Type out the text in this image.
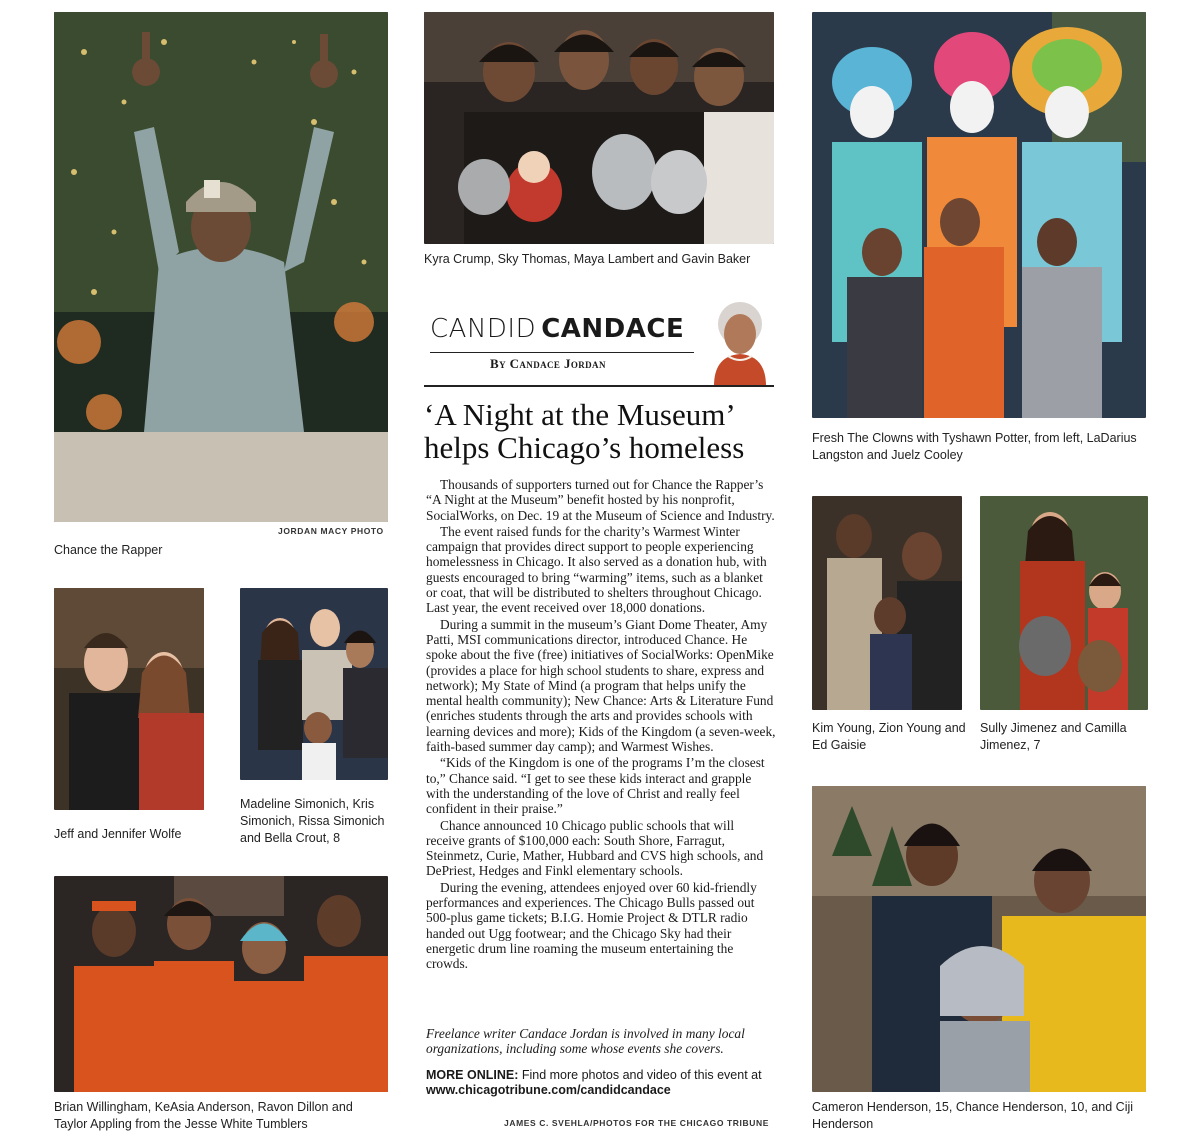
JORDAN MACY PHOTO
Chance the Rapper
Kyra Crump, Sky Thomas, Maya Lambert and Gavin Baker
CANDID CANDACE
By Candace Jordan
‘A Night at the Museum’
helps Chicago’s homeless

Thousands of supporters turned out for Chance the Rapper’s “A Night at the Museum” benefit hosted by his nonprofit, SocialWorks, on Dec. 19 at the Museum of Science and Industry.

The event raised funds for the charity’s Warmest Winter campaign that provides direct support to people experiencing homelessness in Chicago. It also served as a donation hub, with guests encouraged to bring “warming” items, such as a blanket or coat, that will be distributed to shelters throughout Chicago. Last year, the event received over 18,000 donations.

During a summit in the museum’s Giant Dome Theater, Amy Patti, MSI communications director, introduced Chance. He spoke about the five (free) initiatives of SocialWorks: OpenMike (provides a place for high school students to share, express and network); My State of Mind (a program that helps unify the mental health community); New Chance: Arts & Literature Fund (enriches students through the arts and provides schools with learning devices and more); Kids of the Kingdom (a seven-week, faith-based summer day camp); and Warmest Wishes.

“Kids of the Kingdom is one of the programs I’m the closest to,” Chance said. “I get to see these kids interact and grapple with the understanding of the love of Christ and really feel confident in their praise.”

Chance announced 10 Chicago public schools that will receive grants of $100,000 each: South Shore, Farragut, Steinmetz, Curie, Mather, Hubbard and CVS high schools, and DePriest, Hedges and Finkl elementary schools.

During the evening, attendees enjoyed over 60 kid-friendly performances and experiences. The Chicago Bulls passed out 500-plus game tickets; B.I.G. Homie Project & DTLR radio handed out Ugg footwear; and the Chicago Sky had their energetic drum line roaming the museum entertaining the crowds.

Freelance writer Candace Jordan is involved in many local organizations, including some whose events she covers.
MORE ONLINE: Find more photos and video of this event at www.chicagotribune.com/candidcandace
JAMES C. SVEHLA/PHOTOS FOR THE CHICAGO TRIBUNE
Fresh The Clowns with Tyshawn Potter, from left, LaDarius Langston and Juelz Cooley
Jeff and Jennifer Wolfe
Madeline Simonich, Kris Simonich, Rissa Simonich and Bella Crout, 8
Brian Willingham, KeAsia Anderson, Ravon Dillon and Taylor Appling from the Jesse White Tumblers
Kim Young, Zion Young and Ed Gaisie
Sully Jimenez and Camilla Jimenez, 7
Cameron Henderson, 15, Chance Henderson, 10, and Ciji Henderson
